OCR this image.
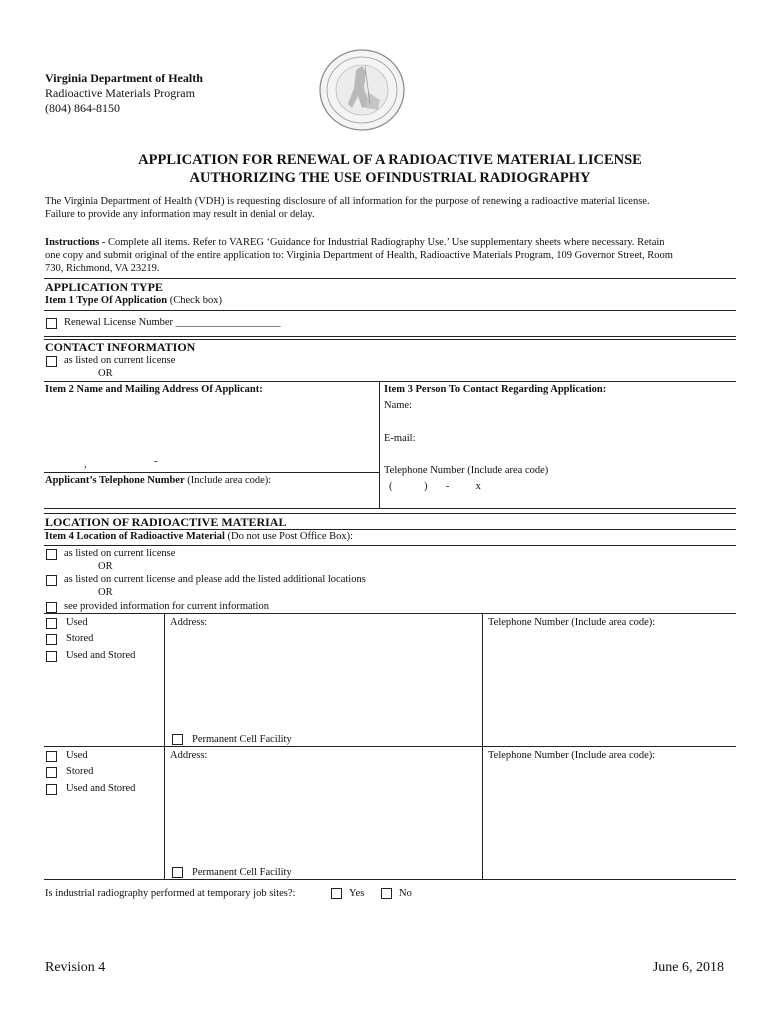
Virginia Department of Health
Radioactive Materials Program
(804) 864-8150
APPLICATION FOR RENEWAL OF A RADIOACTIVE MATERIAL LICENSE
AUTHORIZING THE USE OFINDUSTRIAL RADIOGRAPHY
The Virginia Department of Health (VDH) is requesting disclosure of all information for the purpose of renewing a radioactive material license.
Failure to provide any information may result in denial or delay.
Instructions - Complete all items. Refer to VAREG ‘Guidance for Industrial Radiography Use.’ Use supplementary sheets where necessary. Retain
one copy and submit original of the entire application to: Virginia Department of Health, Radioactive Materials Program, 109 Governor Street, Room
730, Richmond, VA 23219.
APPLICATION TYPE
Item 1 Type Of Application (Check box)
Renewal License Number ____________________
CONTACT INFORMATION
as listed on current license
OR
Item 2 Name and Mailing Address Of Applicant:	Item 3 Person To Contact Regarding Application:
Name:
E-mail:
,	-
Applicant’s Telephone Number (Include area code):
Telephone Number (Include area code)
(            )       -          x
LOCATION OF RADIOACTIVE MATERIAL
Item 4 Location of Radioactive Material (Do not use Post Office Box):
as listed on current license
OR
as listed on current license and please add the listed additional locations
OR
see provided information for current information
Used
Stored
Used and Stored
Address:	Telephone Number (Include area code):
Permanent Cell Facility
Used
Stored
Used and Stored
Address:	Telephone Number (Include area code):
Permanent Cell Facility
Is industrial radiography performed at temporary job sites?:	Yes	No
Revision 4	June 6, 2018
